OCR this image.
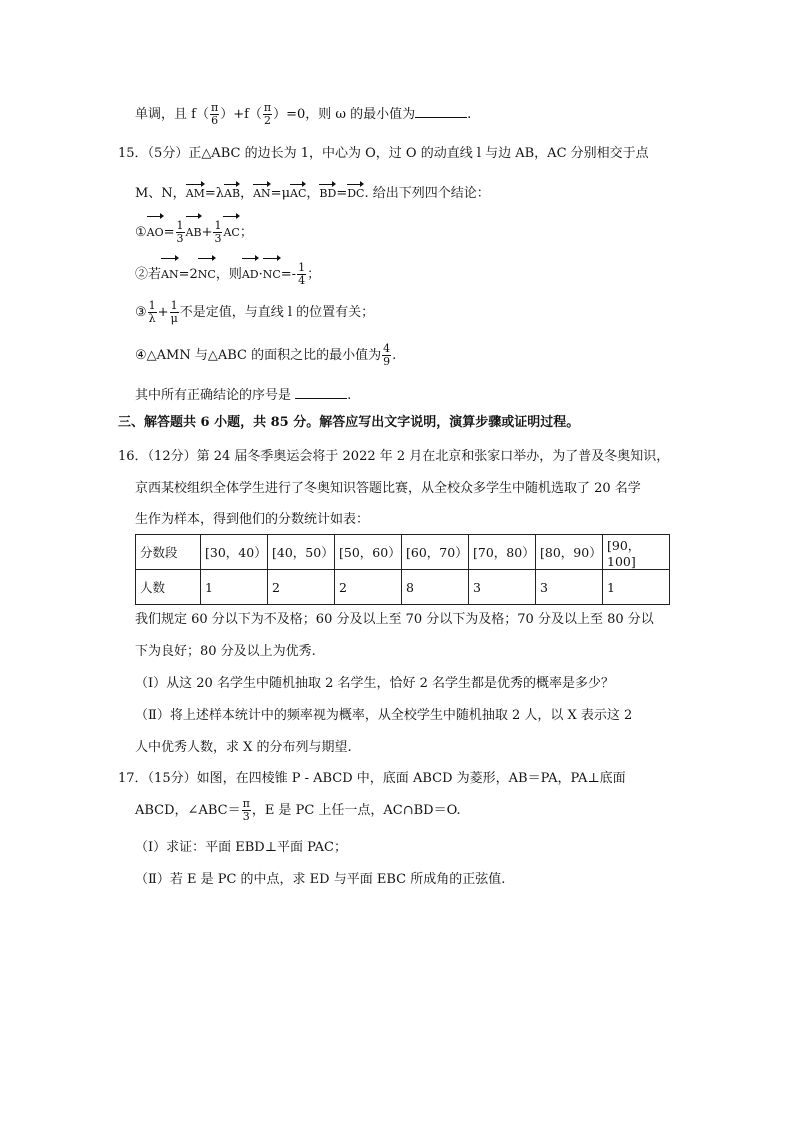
单调，且 $f( \frac{\pi}{6} )+f( \frac{\pi}{2} )=0$，则 ω 的最小值为	.
15．（5分）正△ABC 的边长为 1，中心为 O，过 O 的动直线 l 与边 AB，AC 分别相交于点
M、N，AM=λAB，AN=μAC，BD=DC. 给出下列四个结论：
①AO= $\frac{1}{3} AB+ \frac{1}{3}$ AC；
②若AN=2NC，则$AD\cdot NC=- \frac{1}{4}$ ；
③ $\frac{1}{\lambda} + \frac{1}{\mu}$ 不是定值，与直线 l 的位置有关；
④△AMN 与△ABC 的面积之比的最小值为 $\frac{4}{9}$ .
其中所有正确结论的序号是	.
三、解答题共 6 小题，共 85 分。解答应写出文字说明，演算步骤或证明过程。
16．（12分）第 24 届冬季奥运会将于 2022 年 2 月在北京和张家口举办，为了普及冬奥知识，
京西某校组织全体学生进行了冬奥知识答题比赛，从全校众多学生中随机选取了 20 名学
生作为样本，得到他们的分数统计如表：
分数段	[30，40）	[40，50）	[50，60）	[60，70）	[70，80）	[80，90）	[90，100]
人数	1	2	2	8	3	3	1
我们规定 60 分以下为不及格；60 分及以上至 70 分以下为及格；70 分及以上至 80 分以
下为良好；80 分及以上为优秀.
（Ⅰ）从这 20 名学生中随机抽取 2 名学生，恰好 2 名学生都是优秀的概率是多少？
（Ⅱ）将上述样本统计中的频率视为概率，从全校学生中随机抽取 2 人，以 X 表示这 2
人中优秀人数，求 X 的分布列与期望.
17．（15分）如图，在四棱锥 P - ABCD 中，底面 ABCD 为菱形，AB＝PA，PA⊥底面
ABCD，∠ABC＝ $\frac{\pi}{3}$ ，E 是 PC 上任一点，AC∩BD＝O.
（Ⅰ）求证：平面 EBD⊥平面 PAC；
（Ⅱ）若 E 是 PC 的中点，求 ED 与平面 EBC 所成角的正弦值.
